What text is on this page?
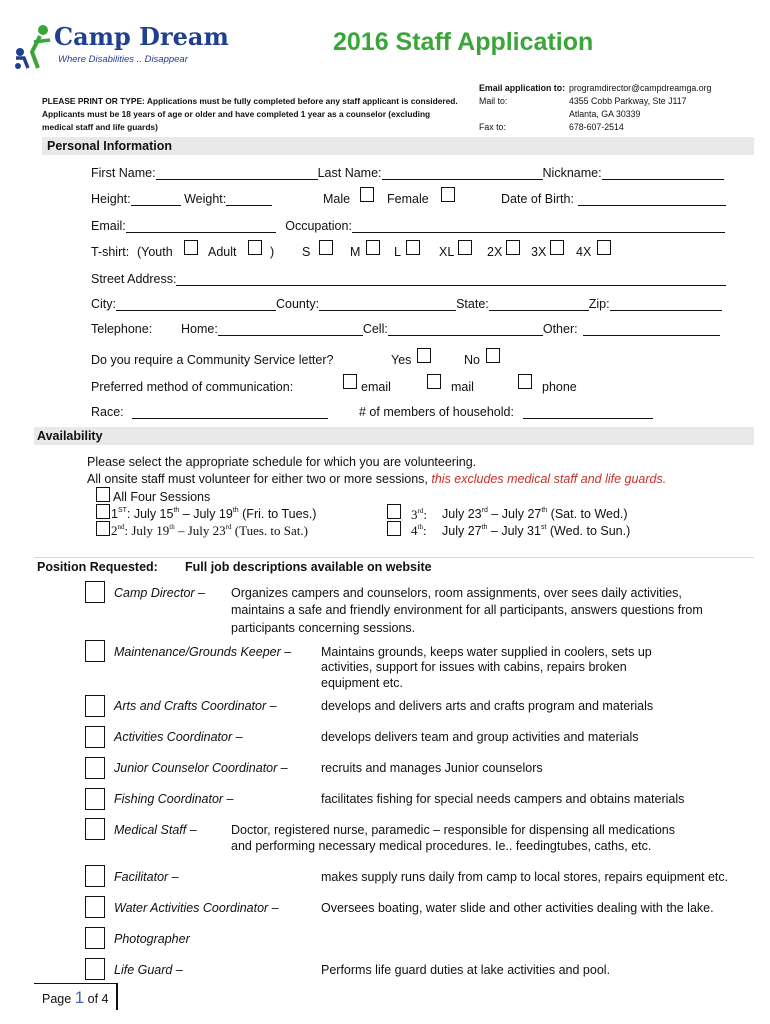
Camp Dream
Where Disabilities .. Disappear
2016 Staff Application
PLEASE PRINT OR TYPE: Applications must be fully completed before any staff applicant is considered.
Applicants must be 18 years of age or older and have completed 1 year as a counselor (excluding
medical staff and life guards)
Email application to: programdirector@campdreamga.org
Mail to:	4355 Cobb Parkway, Ste J117
Atlanta, GA 30339
Fax to:	678-607-2514
Personal Information
First Name:	Last Name:	Nickname:
Height:	Weight:	Male	Female	Date of Birth:
Email:	Occupation:
T-shirt: (Youth	Adult	) S	M	L	XL	2X 3X 4X
Street Address:
City:	County:	State:	Zip:
Telephone: Home:	Cell:	Other:
Do you require a Community Service letter?	Yes	No
Preferred method of communication:	email	mail	phone
Race:	# of members of household:
Availability
Please select the appropriate schedule for which you are volunteering.
All onsite staff must volunteer for either two or more sessions, this excludes medical staff and life guards.
All Four Sessions
1ST: July 15th – July 19th (Fri. to Tues.)
2nd: July 19th – July 23rd (Tues. to Sat.)
3rd: July 23rd – July 27th (Sat. to Wed.)
4th: July 27th – July 31st (Wed. to Sun.)
Position Requested: Full job descriptions available on website
Camp Director – Organizes campers and counselors, room assignments, over sees daily activities,
maintains a safe and friendly environment for all participants, answers questions from
participants concerning sessions.
Maintenance/Grounds Keeper – Maintains grounds, keeps water supplied in coolers, sets up
activities, support for issues with cabins, repairs broken
equipment etc.
Arts and Crafts Coordinator –	develops and delivers arts and crafts program and materials
Activities Coordinator –	develops delivers team and group activities and materials
Junior Counselor Coordinator –	recruits and manages Junior counselors
Fishing Coordinator –	facilitates fishing for special needs campers and obtains materials
Medical Staff –	Doctor, registered nurse, paramedic – responsible for dispensing all medications
and performing necessary medical procedures. Ie.. feedingtubes, caths, etc.
Facilitator –	makes supply runs daily from camp to local stores, repairs equipment etc.
Water Activities Coordinator –	Oversees boating, water slide and other activities dealing with the lake.
Photographer
Life Guard –	Performs life guard duties at lake activities and pool.
Page 1 of 4
